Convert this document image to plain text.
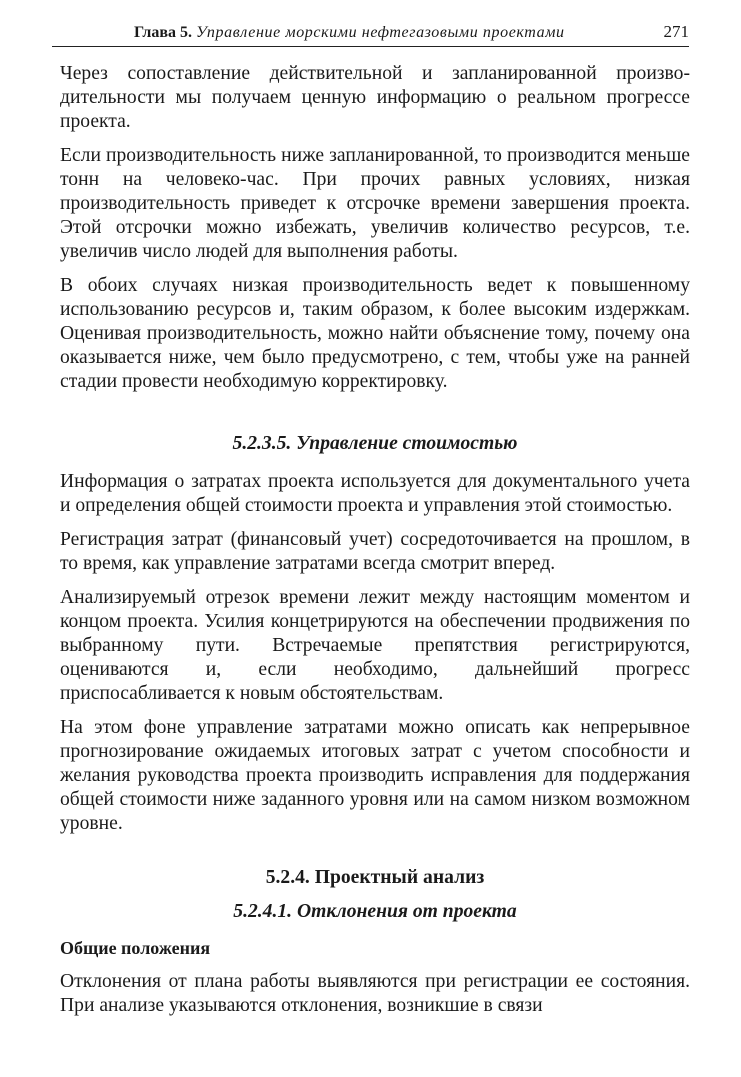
Глава 5. Управление морскими нефтегазовыми проектами	271

Через сопоставление действительной и запланированной производительности мы получаем ценную информацию о реальном прогрессе проекта.

Если производительность ниже запланированной, то производится меньше тонн на человеко-час. При прочих равных условиях, низкая производительность приведет к отсрочке времени завершения проекта. Этой отсрочки можно избежать, увеличив количество ресурсов, т.е. увеличив число людей для выполнения работы.

В обоих случаях низкая производительность ведет к повышенному использованию ресурсов и, таким образом, к более высоким издержкам. Оценивая производительность, можно найти объяснение тому, почему она оказывается ниже, чем было предусмотрено, с тем, чтобы уже на ранней стадии провести необходимую корректировку.

5.2.3.5. Управление стоимостью

Информация о затратах проекта используется для документального учета и определения общей стоимости проекта и управления этой стоимостью.

Регистрация затрат (финансовый учет) сосредоточивается на прошлом, в то время, как управление затратами всегда смотрит вперед.

Анализируемый отрезок времени лежит между настоящим моментом и концом проекта. Усилия концетрируются на обеспечении продвижения по выбранному пути. Встречаемые препятствия регистрируются, оцениваются и, если необходимо, дальнейший прогресс приспосабливается к новым обстоятельствам.

На этом фоне управление затратами можно описать как непрерывное прогнозирование ожидаемых итоговых затрат с учетом способности и желания руководства проекта производить исправления для поддержания общей стоимости ниже заданного уровня или на самом низком возможном уровне.

5.2.4. Проектный анализ
5.2.4.1. Отклонения от проекта
Общие положения

Отклонения от плана работы выявляются при регистрации ее состояния. При анализе указываются отклонения, возникшие в связи
